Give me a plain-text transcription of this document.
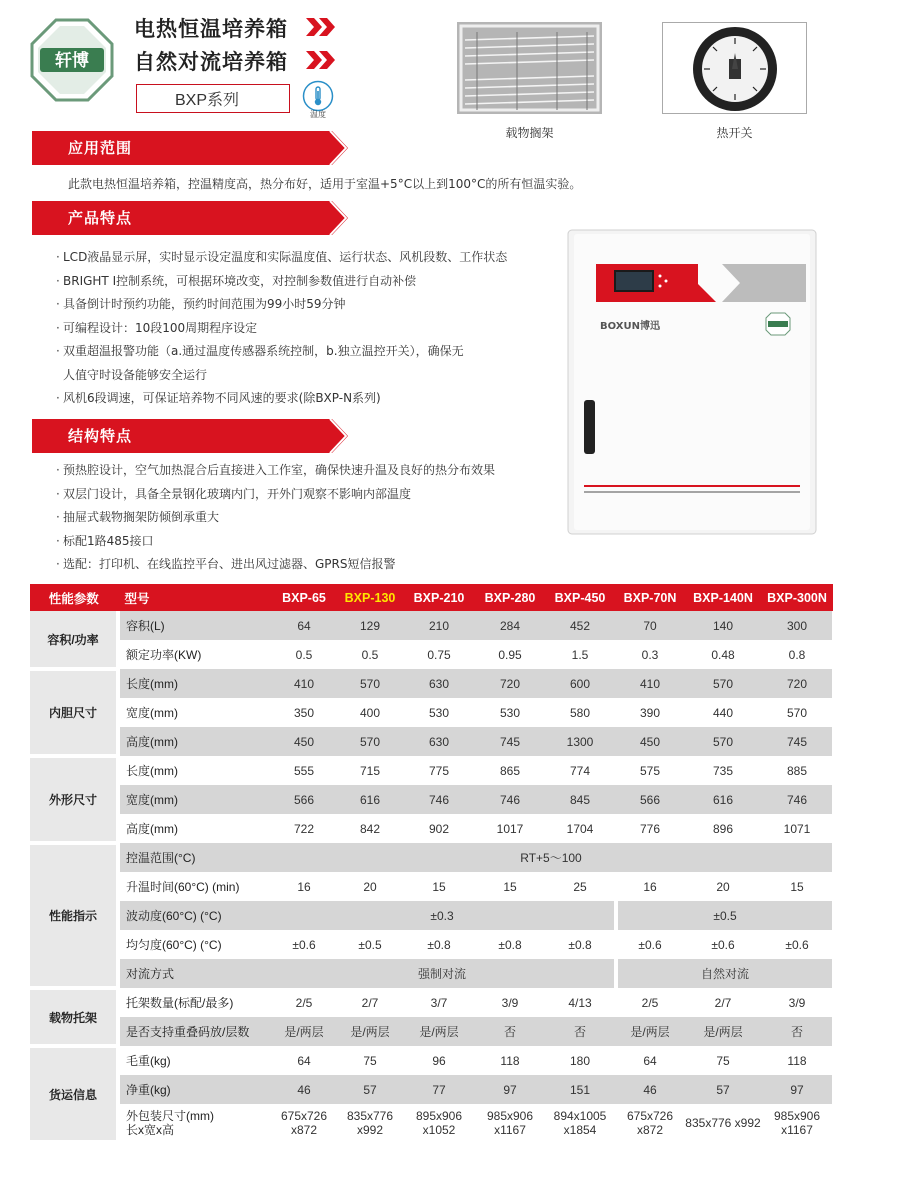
轩博
电热恒温培养箱
自然对流培养箱
BXP系列
温度
载物搁架	热开关
应用范围
此款电热恒温培养箱，控温精度高，热分布好，适用于室温+5°C以上到100°C的所有恒温实验。
产品特点
· LCD液晶显示屏，实时显示设定温度和实际温度值、运行状态、风机段数、工作状态
· BRIGHT I控制系统，可根据环境改变，对控制参数值进行自动补偿
· 具备倒计时预约功能，预约时间范围为99小时59分钟
· 可编程设计：10段100周期程序设定
· 双重超温报警功能（a.通过温度传感器系统控制，b.独立温控开关），确保无
人值守时设备能够安全运行
· 风机6段调速，可保证培养物不同风速的要求(除BXP-N系列)
结构特点
· 预热腔设计，空气加热混合后直接进入工作室，确保快速升温及良好的热分布效果
· 双层门设计，具备全景钢化玻璃内门，开外门观察不影响内部温度
· 抽屉式载物搁架防倾倒承重大
· 标配1路485接口
· 选配：打印机、在线监控平台、进出风过滤器、GPRS短信报警
BOXUN博迅
性能参数	型号	BXP-65	BXP-130	BXP-210	BXP-280	BXP-450	BXP-70N	BXP-140N	BXP-300N
容积/功率	容积(L)	64	129	210	284	452	70	140	300
	额定功率(KW)	0.5	0.5	0.75	0.95	1.5	0.3	0.48	0.8
内胆尺寸	长度(mm)	410	570	630	720	600	410	570	720
	宽度(mm)	350	400	530	530	580	390	440	570
	高度(mm)	450	570	630	745	1300	450	570	745
外形尺寸	长度(mm)	555	715	775	865	774	575	735	885
	宽度(mm)	566	616	746	746	845	566	616	746
	高度(mm)	722	842	902	1017	1704	776	896	1071
性能指示	控温范围(°C)	RT+5～100							
	升温时间(60°C) (min)	16	20	15	15	25	16	20	15
	波动度(60°C) (°C)	±0.3					±0.5		
	均匀度(60°C) (°C)	±0.6	±0.5	±0.8	±0.8	±0.8	±0.6	±0.6	±0.6
	对流方式	强制对流					自然对流		
载物托架	托架数量(标配/最多)	2/5	2/7	3/7	3/9	4/13	2/5	2/7	3/9
	是否支持重叠码放/层数	是/两层	是/两层	是/两层	否	否	是/两层	是/两层	否
货运信息	毛重(kg)	64	75	96	118	180	64	75	118
	净重(kg)	46	57	77	97	151	46	57	97
	外包装尺寸(mm)
长x宽x高	675x726 x872	835x776 x992	895x906 x1052	985x906 x1167	894x1005 x1854	675x726 x872	835x776 x992	985x906 x1167
